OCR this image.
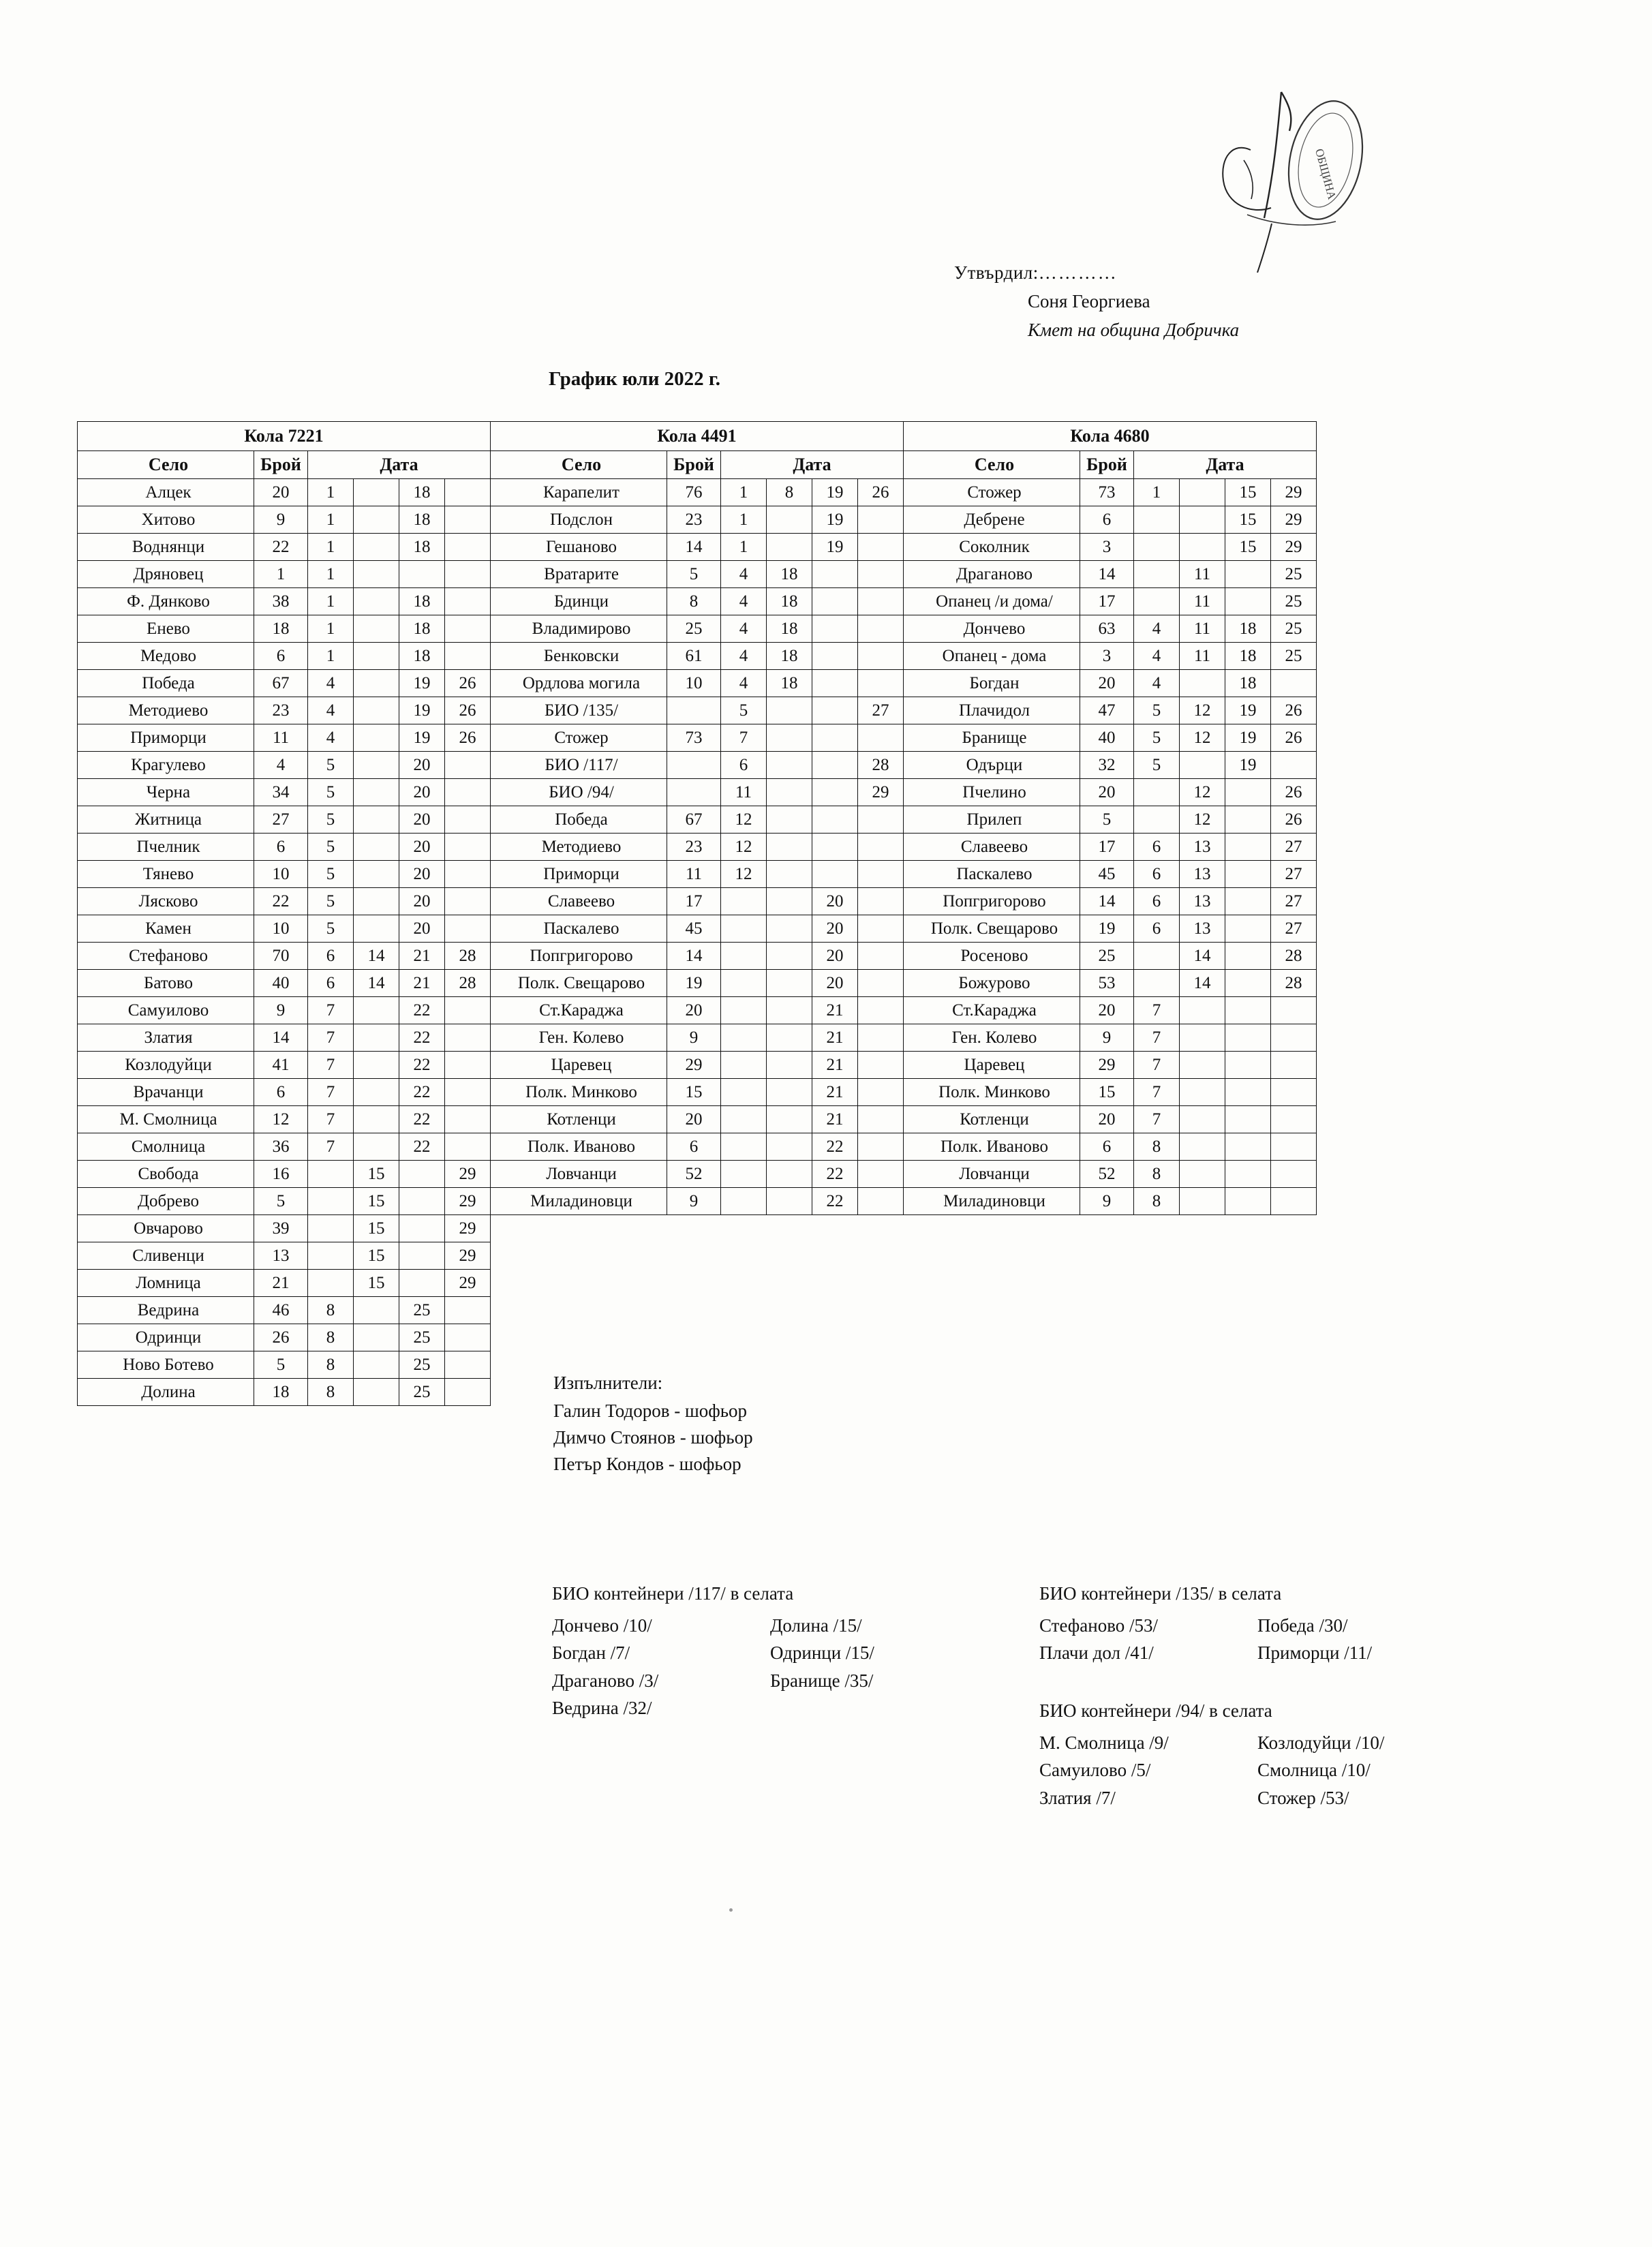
ОБЩИНА
Утвърдил:…………
Соня Георгиева
Кмет на община Добричка
График юли 2022 г.
Кола 7221						Кола 4491						Кола 4680					
Село	Брой	Дата				Село	Брой	Дата				Село	Брой	Дата			
Алцек	20	1		18		Карапелит	76	1	8	19	26	Стожер	73	1		15	29
Хитово	9	1		18		Подслон	23	1		19		Дебрене	6			15	29
Воднянци	22	1		18		Гешаново	14	1		19		Соколник	3			15	29
Дряновец	1	1				Вратарите	5	4	18			Драганово	14		11		25
Ф. Дянково	38	1		18		Бдинци	8	4	18			Опанец /и дома/	17		11		25
Енево	18	1		18		Владимирово	25	4	18			Дончево	63	4	11	18	25
Медово	6	1		18		Бенковски	61	4	18			Опанец - дома	3	4	11	18	25
Победа	67	4		19	26	Ордлова могила	10	4	18			Богдан	20	4		18	
Методиево	23	4		19	26	БИО /135/		5			27	Плачидол	47	5	12	19	26
Приморци	11	4		19	26	Стожер	73	7				Бранище	40	5	12	19	26
Крагулево	4	5		20		БИО /117/		6			28	Одърци	32	5		19	
Черна	34	5		20		БИО /94/		11			29	Пчелино	20		12		26
Житница	27	5		20		Победа	67	12				Прилеп	5		12		26
Пчелник	6	5		20		Методиево	23	12				Славеево	17	6	13		27
Тянево	10	5		20		Приморци	11	12				Паскалево	45	6	13		27
Лясково	22	5		20		Славеево	17			20		Попгригорово	14	6	13		27
Камен	10	5		20		Паскалево	45			20		Полк. Свещарово	19	6	13		27
Стефаново	70	6	14	21	28	Попгригорово	14			20		Росеново	25		14		28
Батово	40	6	14	21	28	Полк. Свещарово	19			20		Божурово	53		14		28
Самуилово	9	7		22		Ст.Караджа	20			21		Ст.Караджа	20	7			
Златия	14	7		22		Ген. Колево	9			21		Ген. Колево	9	7			
Козлодуйци	41	7		22		Царевец	29			21		Царевец	29	7			
Врачанци	6	7		22		Полк. Минково	15			21		Полк. Минково	15	7			
М. Смолница	12	7		22		Котленци	20			21		Котленци	20	7			
Смолница	36	7		22		Полк. Иваново	6			22		Полк. Иваново	6	8			
Свобода	16		15		29	Ловчанци	52			22		Ловчанци	52	8			
Добрево	5		15		29	Миладиновци	9			22		Миладиновци	9	8			
Овчарово	39		15		29												
Сливенци	13		15		29												
Ломница	21		15		29												
Ведрина	46	8		25													
Одринци	26	8		25													
Ново Ботево	5	8		25													
Долина	18	8		25														Изпълнители:
Галин Тодоров - шофьор
Димчо Стоянов - шофьор
Петър Кондов - шофьор
БИО контейнери /117/ в селата
Дончево /10/	Долина /15/
Богдан /7/	Одринци /15/
Драганово /3/	Бранище /35/
Ведрина /32/
БИО контейнери /135/ в селата
Стефаново /53/	Победа /30/
Плачи дол /41/	Приморци /11/
БИО контейнери /94/ в селата
М. Смолница /9/	Козлодуйци /10/
Самуилово /5/	Смолница /10/
Златия /7/	Стожер /53/
